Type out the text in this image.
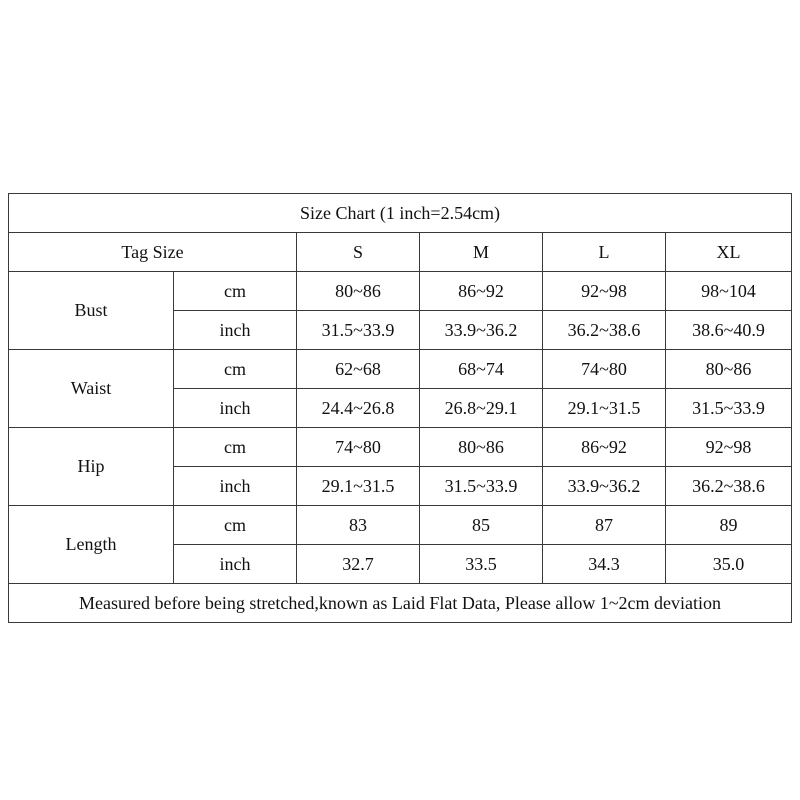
Size Chart (1 inch=2.54cm)					
Tag Size		S	M	L	XL
Bust	cm	80~86	86~92	92~98	98~104
	inch	31.5~33.9	33.9~36.2	36.2~38.6	38.6~40.9
Waist	cm	62~68	68~74	74~80	80~86
	inch	24.4~26.8	26.8~29.1	29.1~31.5	31.5~33.9
Hip	cm	74~80	80~86	86~92	92~98
	inch	29.1~31.5	31.5~33.9	33.9~36.2	36.2~38.6
Length	cm	83	85	87	89
	inch	32.7	33.5	34.3	35.0
Measured before being stretched,known as Laid Flat Data, Please allow 1~2cm deviation					
